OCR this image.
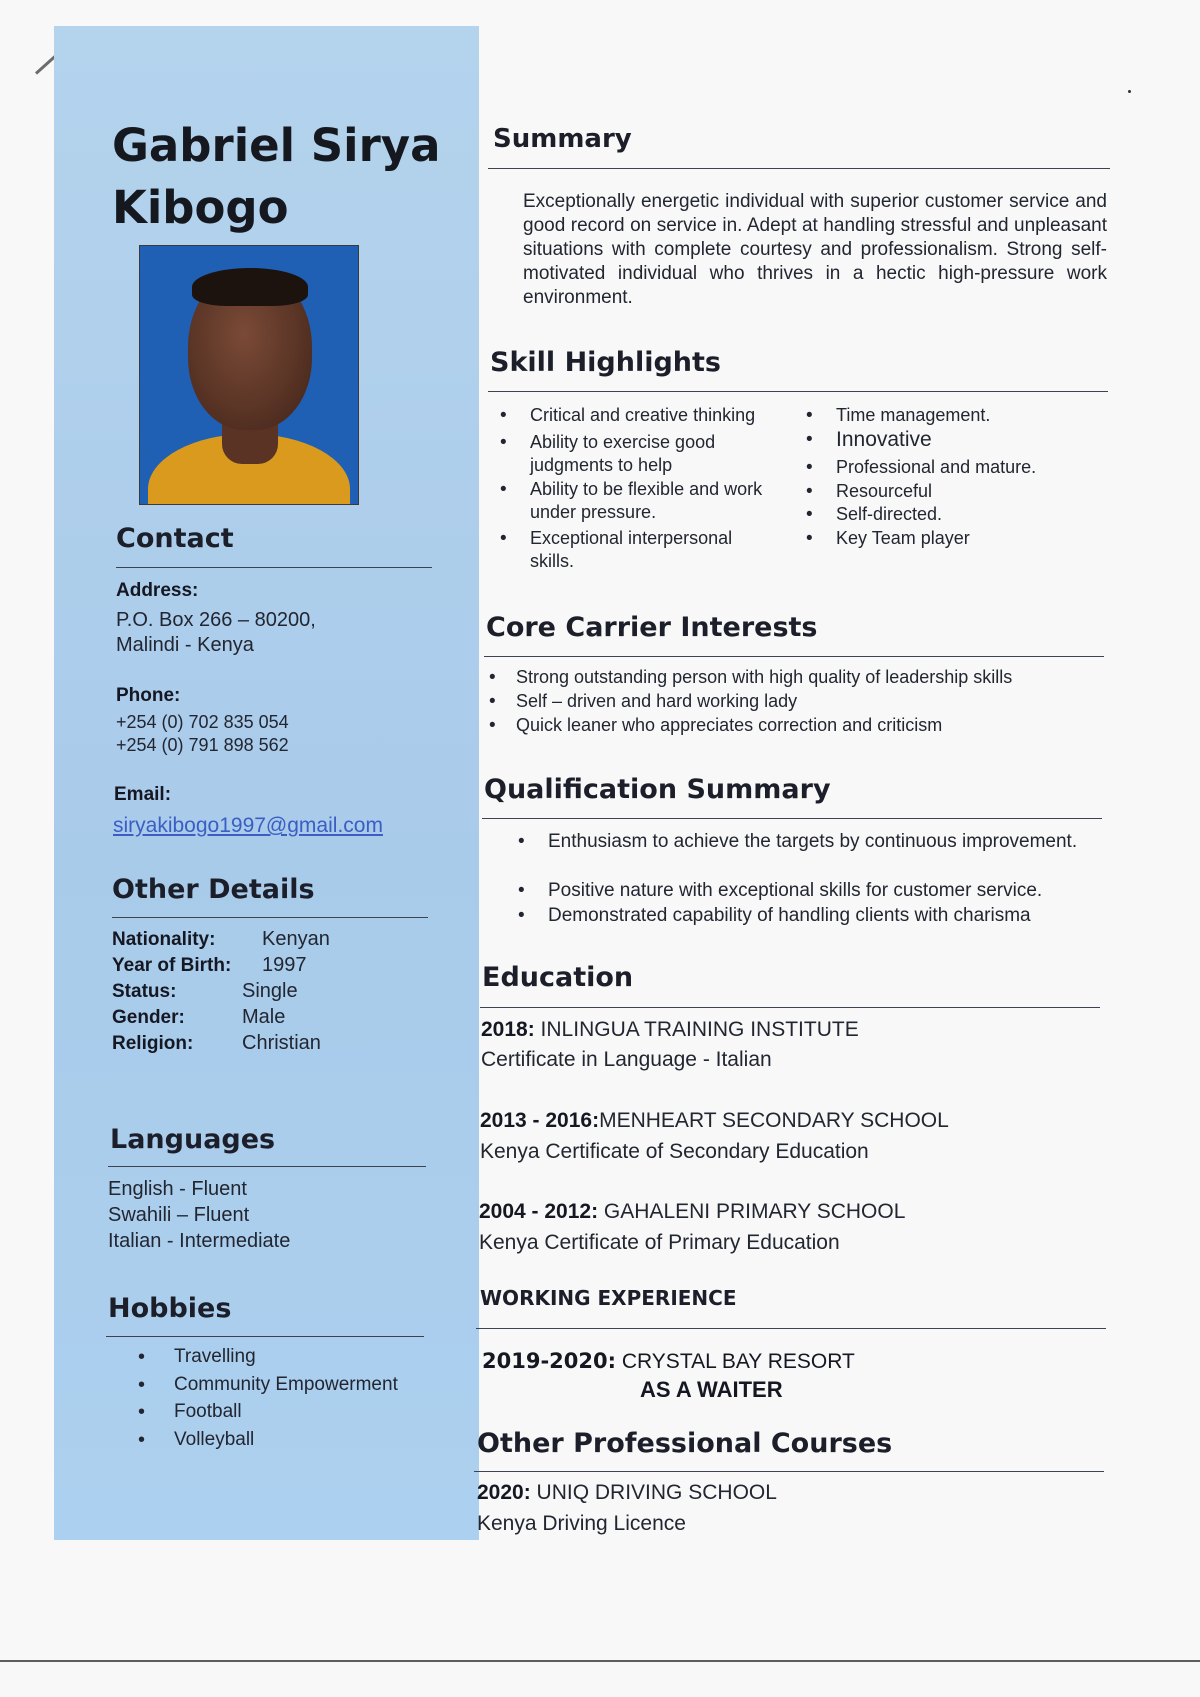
Gabriel Sirya
Kibogo
Contact
Address:
P.O. Box 266 – 80200,
Malindi - Kenya
Phone:
+254 (0) 702 835 054
+254 (0) 791 898 562
Email:
siryakibogo1997@gmail.com
Other Details
Nationality: Kenyan
Year of Birth: 1997
Status:	Single
Gender:	Male
Religion: Christian
Languages
English - Fluent
Swahili – Fluent
Italian - Intermediate
Hobbies
• Travelling
• Community Empowerment
• Football
• Volleyball
Summary
Exceptionally energetic individual with superior customer service and good record on service in. Adept at handling stressful and unpleasant situations with complete courtesy and professionalism. Strong self-motivated individual who thrives in a hectic high-pressure work environment.
Skill Highlights
• Critical and creative thinking
• Ability to exercise good judgments to help
• Ability to be flexible and work under pressure.
• Exceptional interpersonal skills.
• Time management.
• Innovative
• Professional and mature.
• Resourceful
• Self-directed.
• Key Team player
Core Carrier Interests
• Strong outstanding person with high quality of leadership skills
• Self – driven and hard working lady
• Quick leaner who appreciates correction and criticism
Qualification Summary
• Enthusiasm to achieve the targets by continuous improvement.
• Positive nature with exceptional skills for customer service.
• Demonstrated capability of handling clients with charisma
Education
2018: INLINGUA TRAINING INSTITUTE
Certificate in Language - Italian
2013 - 2016:MENHEART SECONDARY SCHOOL
Kenya Certificate of Secondary Education
2004 - 2012: GAHALENI PRIMARY SCHOOL
Kenya Certificate of Primary Education
WORKING EXPERIENCE
2019-2020: CRYSTAL BAY RESORT
AS A WAITER
Other Professional Courses
2020: UNIQ DRIVING SCHOOL
Kenya Driving Licence
